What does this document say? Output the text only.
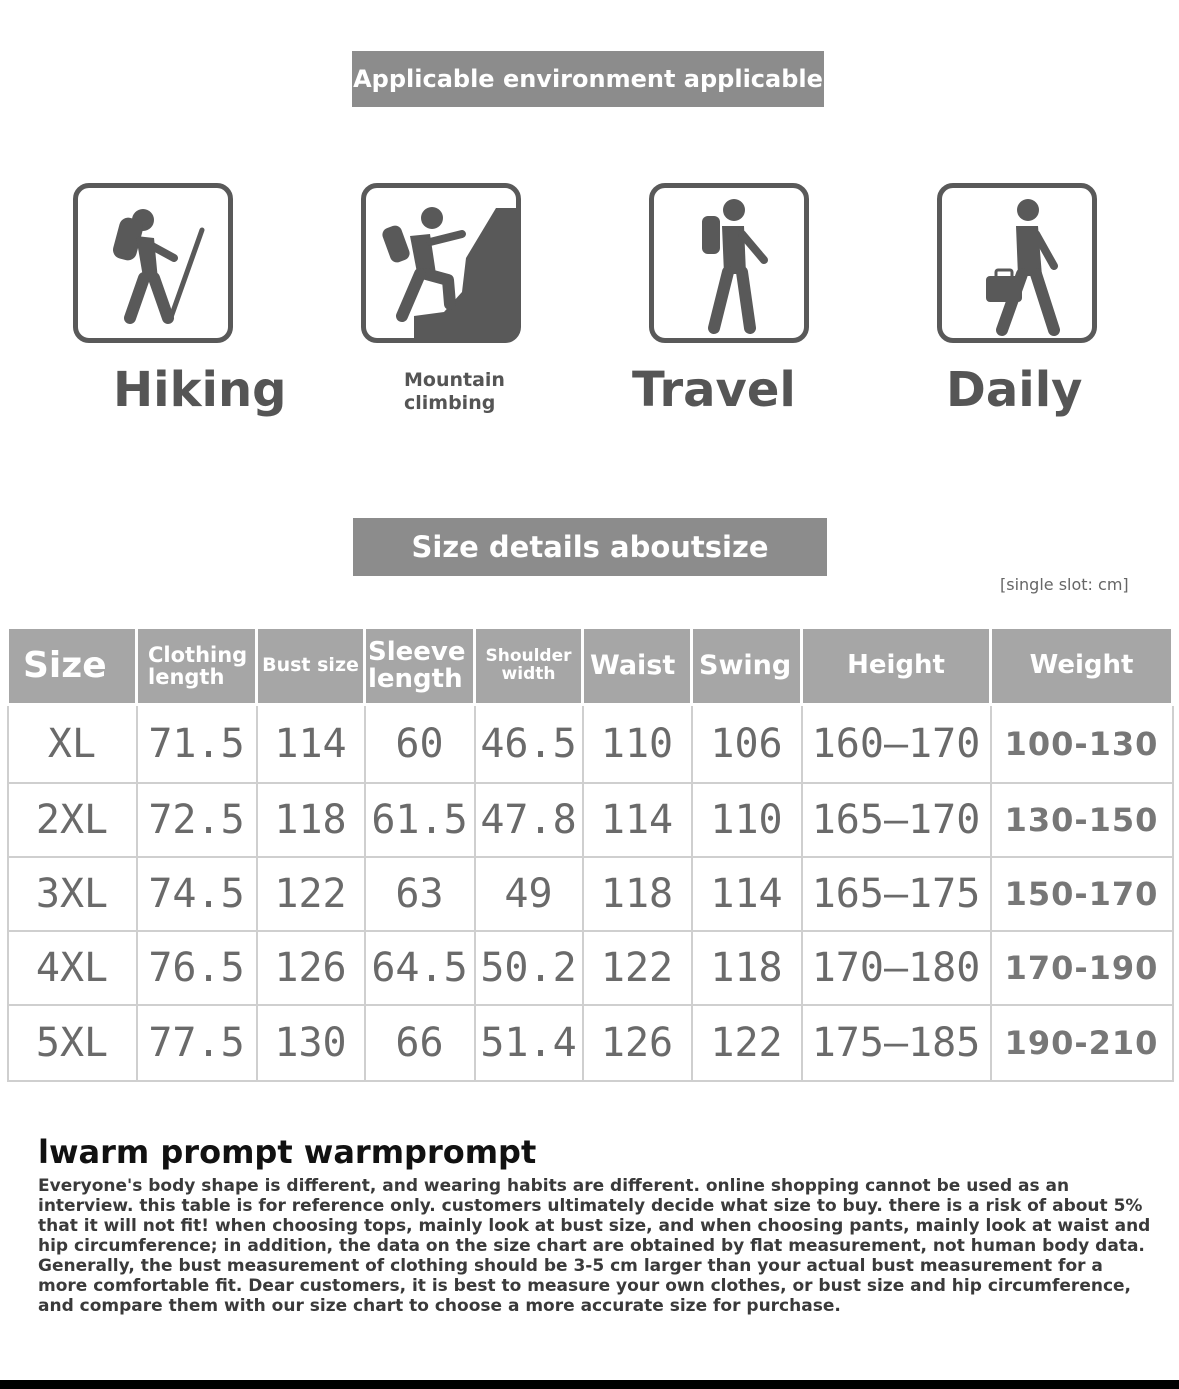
Applicable environment applicable
Hiking	Mountain climbing	Travel	Daily
Size details aboutsize
[single slot: cm]
Size	Clothing length	Bust size	Sleeve length	Shoulder width	Waist	Swing	Height	Weight
XL	71.5	114	60	46.5	110	106	160–170	100-130
2XL	72.5	118	61.5	47.8	114	110	165–170	130-150
3XL	74.5	122	63	49	118	114	165–175	150-170
4XL	76.5	126	64.5	50.2	122	118	170–180	170-190
5XL	77.5	130	66	51.4	126	122	175–185	190-210
lwarm prompt warmprompt
Everyone's body shape is different, and wearing habits are different. online shopping cannot be used as an interview. this table is for reference only. customers ultimately decide what size to buy. there is a risk of about 5% that it will not fit! when choosing tops, mainly look at bust size, and when choosing pants, mainly look at waist and hip circumference; in addition, the data on the size chart are obtained by flat measurement, not human body data. Generally, the bust measurement of clothing should be 3-5 cm larger than your actual bust measurement for a more comfortable fit. Dear customers, it is best to measure your own clothes, or bust size and hip circumference, and compare them with our size chart to choose a more accurate size for purchase.
